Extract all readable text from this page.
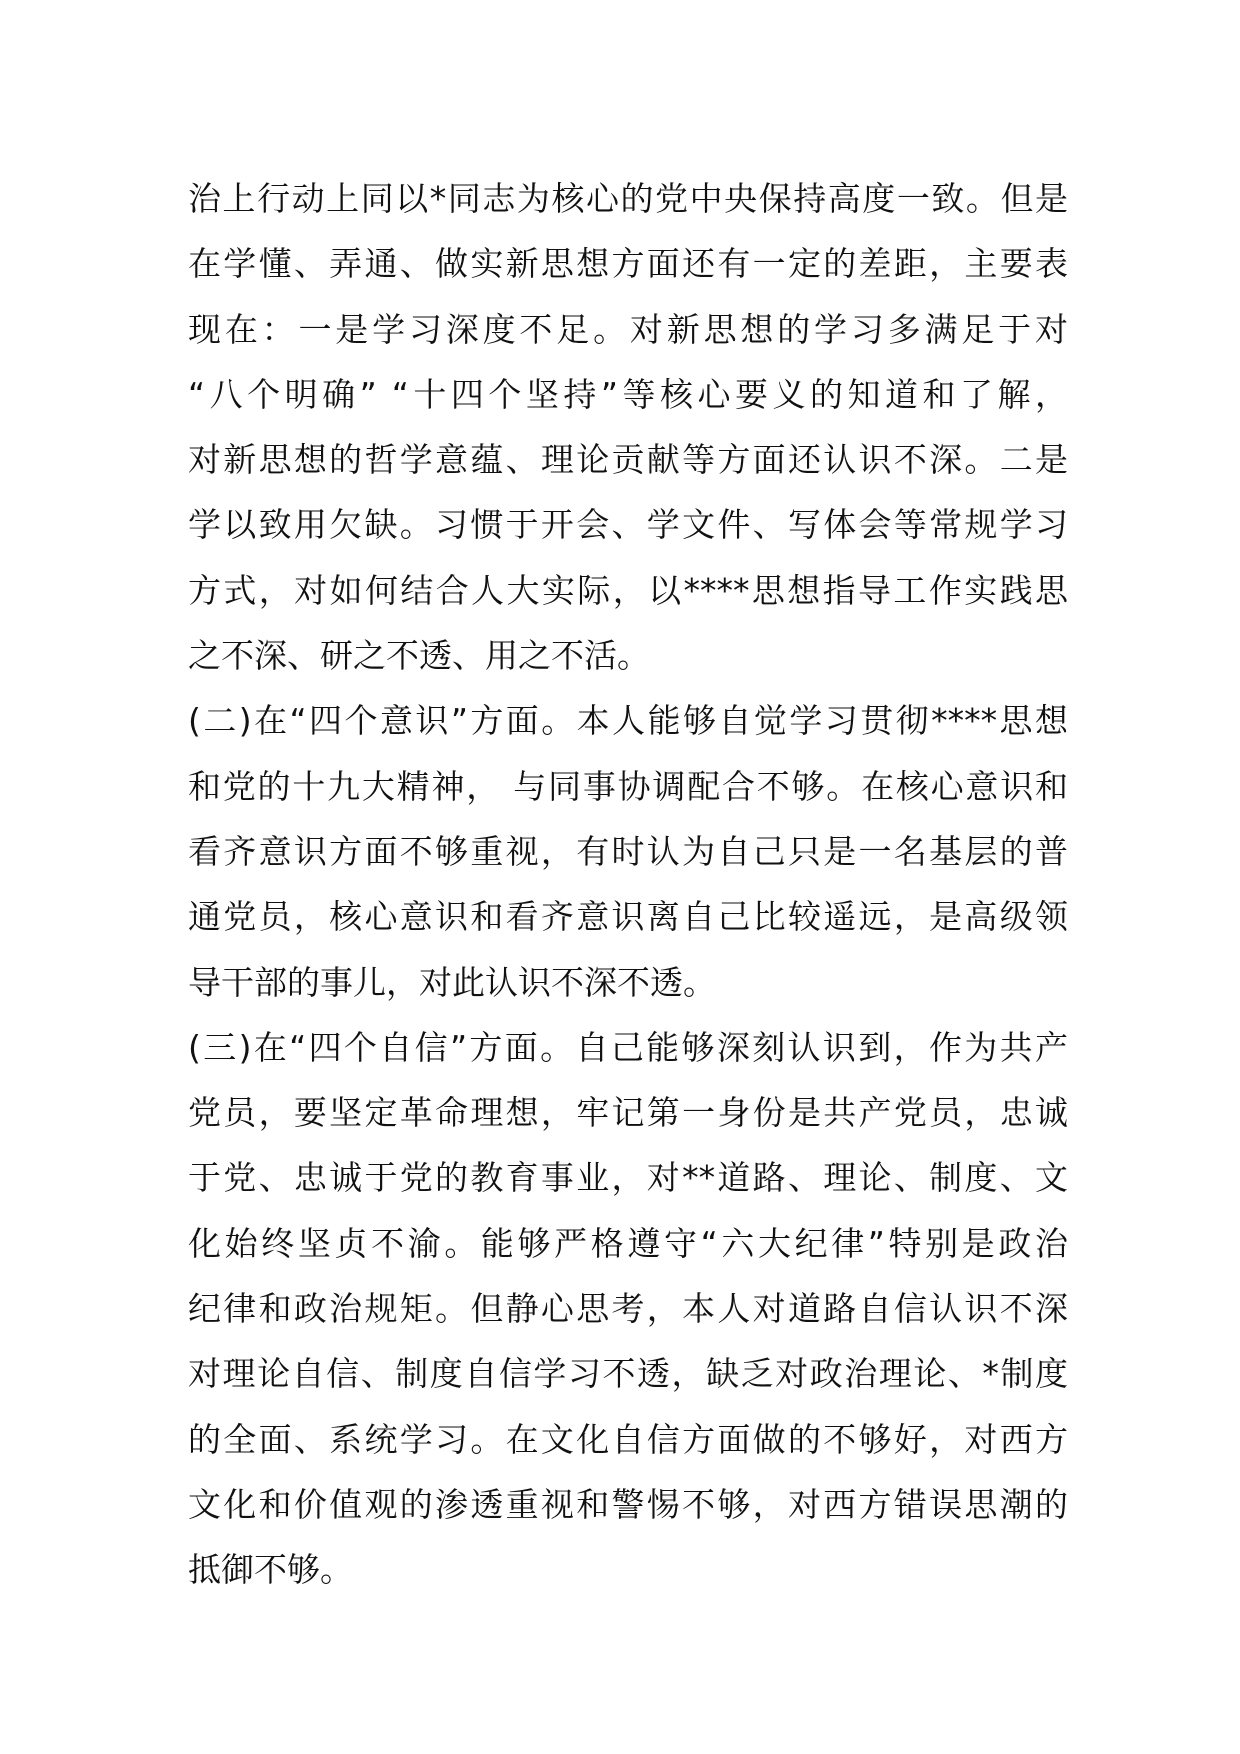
治上行动上同以*同志为核心的党中央保持高度一致。但是
在学懂、弄通、做实新思想方面还有一定的差距，主要表
现在：一是学习深度不足。对新思想的学习多满足于对
“八个明确” “十四个坚持”等核心要义的知道和了解，
对新思想的哲学意蕴、理论贡献等方面还认识不深。二是
学以致用欠缺。习惯于开会、学文件、写体会等常规学习
方式，对如何结合人大实际，以****思想指导工作实践思
之不深、研之不透、用之不活。
(二)在“四个意识”方面。本人能够自觉学习贯彻****思想
和党的十九大精神， 与同事协调配合不够。在核心意识和
看齐意识方面不够重视，有时认为自己只是一名基层的普
通党员，核心意识和看齐意识离自己比较遥远，是高级领
导干部的事儿，对此认识不深不透。
(三)在“四个自信”方面。自己能够深刻认识到，作为共产
党员，要坚定革命理想，牢记第一身份是共产党员，忠诚
于党、忠诚于党的教育事业，对**道路、理论、制度、文
化始终坚贞不渝。能够严格遵守“六大纪律”特别是政治
纪律和政治规矩。但静心思考，本人对道路自信认识不深
对理论自信、制度自信学习不透，缺乏对政治理论、*制度
的全面、系统学习。在文化自信方面做的不够好，对西方
文化和价值观的渗透重视和警惕不够，对西方错误思潮的
抵御不够。
